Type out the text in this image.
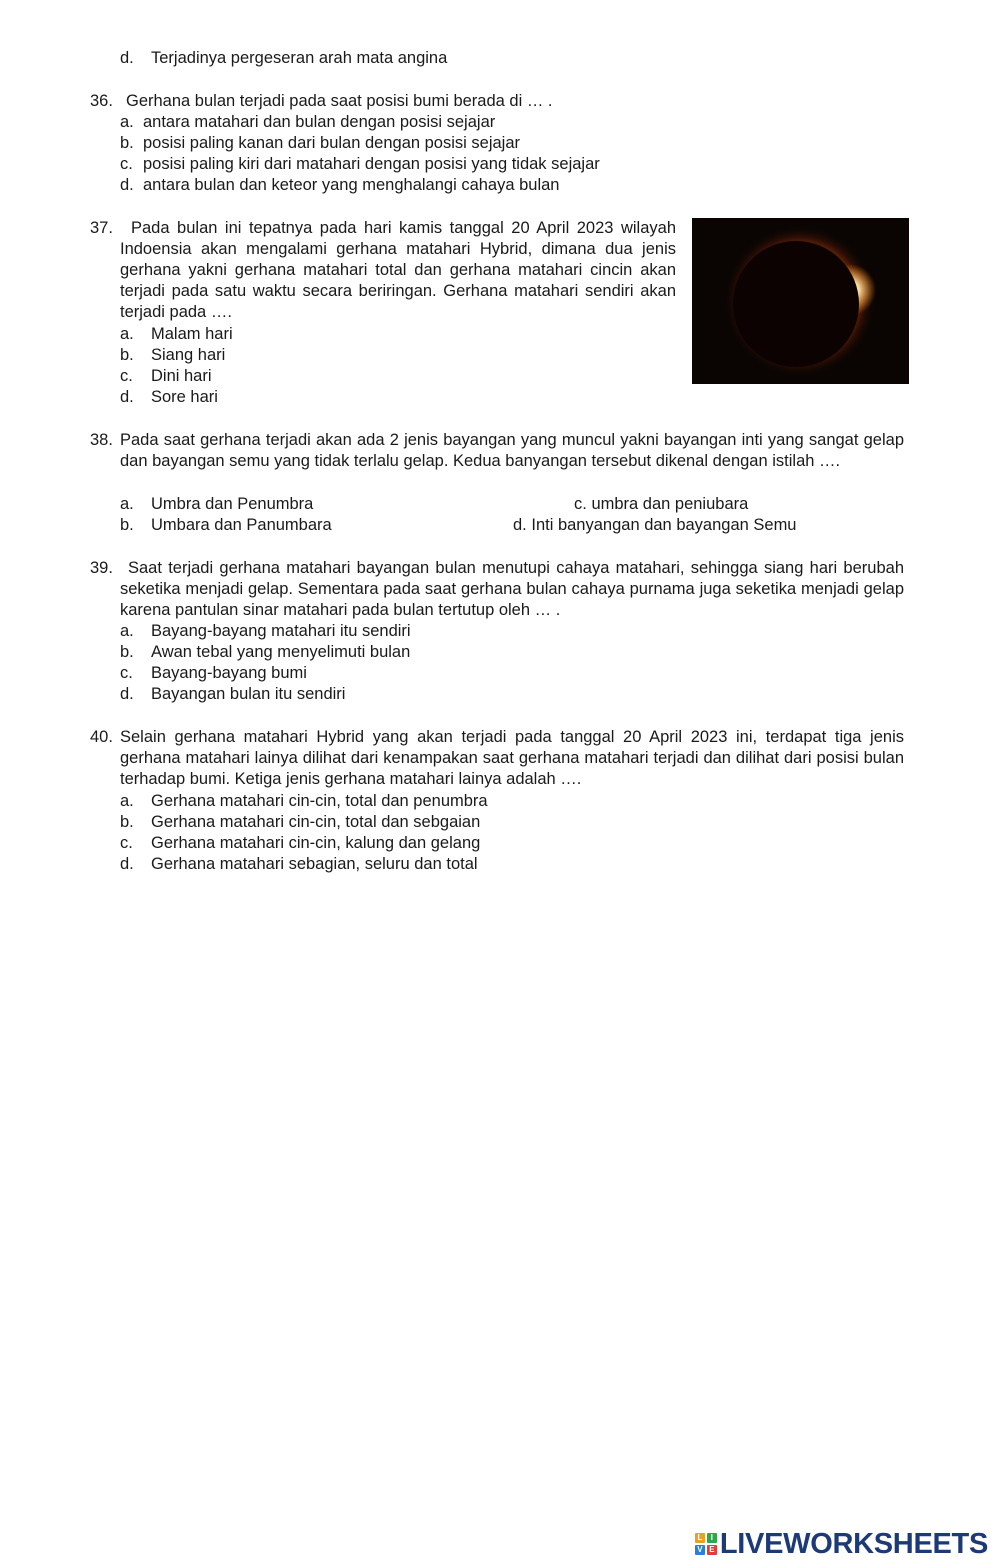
d. Terjadinya pergeseran arah mata angina
36. Gerhana bulan terjadi pada saat posisi bumi berada di … .
a. antara matahari dan bulan dengan posisi sejajar
b. posisi paling kanan dari bulan dengan posisi sejajar
c. posisi paling kiri dari matahari dengan posisi yang tidak sejajar
d. antara bulan dan keteor yang menghalangi cahaya bulan
37.	Pada bulan ini tepatnya pada hari kamis tanggal 20 April 2023 wilayah Indoensia akan mengalami gerhana matahari Hybrid, dimana dua jenis gerhana yakni gerhana matahari total dan gerhana matahari cincin akan terjadi pada satu waktu secara beriringan. Gerhana matahari sendiri akan terjadi pada ….
a. Malam hari
b. Siang hari
c. Dini hari
d. Sore hari
38. Pada saat gerhana terjadi akan ada 2 jenis bayangan yang muncul yakni bayangan inti yang sangat gelap dan bayangan semu yang tidak terlalu gelap. Kedua banyangan tersebut dikenal dengan istilah ….
a. Umbra dan Penumbra
b. Umbara dan Panumbara
c. umbra dan peniubara
d. Inti banyangan dan bayangan Semu
39. Saat terjadi gerhana matahari bayangan bulan menutupi cahaya matahari, sehingga siang hari berubah seketika menjadi gelap. Sementara pada saat gerhana bulan cahaya purnama juga seketika menjadi gelap karena pantulan sinar matahari pada bulan tertutup oleh … .
a. Bayang-bayang matahari itu sendiri
b. Awan tebal yang menyelimuti bulan
c. Bayang-bayang bumi
d. Bayangan bulan itu sendiri
40. Selain gerhana matahari Hybrid yang akan terjadi pada tanggal 20 April 2023 ini, terdapat tiga jenis gerhana matahari lainya dilihat dari kenampakan saat gerhana matahari terjadi dan dilihat dari posisi bulan terhadap bumi. Ketiga jenis gerhana matahari lainya adalah ….
a. Gerhana matahari cin-cin, total dan penumbra
b. Gerhana matahari cin-cin, total dan sebgaian
c. Gerhana matahari cin-cin, kalung dan gelang
d. Gerhana matahari sebagian, seluru dan total
L	I
V E LIVEWORKSHEETS
